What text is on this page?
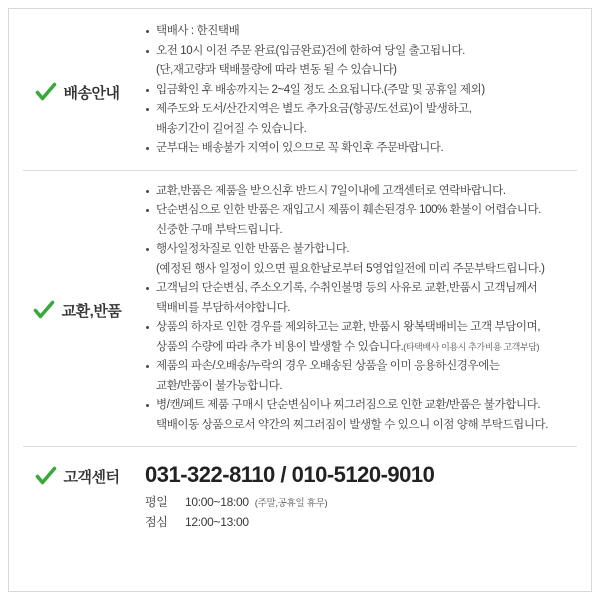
배송안내
택배사 : 한진택배
오전 10시 이전 주문 완료(입금완료)건에 한하여 당일 출고됩니다.
(단,재고량과 택배물량에 따라 변동 될 수 있습니다)
입금확인 후 배송까지는 2~4일 정도 소요됩니다.(주말 및 공휴일 제외)
제주도와 도서/산간지역은 별도 추가요금(항공/도선료)이 발생하고,
배송기간이 길어질 수 있습니다.
군부대는 배송불가 지역이 있으므로 꼭 확인후 주문바랍니다.
교환,반품
교환,반품은 제품을 받으신후 반드시 7일이내에 고객센터로 연락바랍니다.
단순변심으로 인한 반품은 재입고시 제품이 훼손된경우 100% 환불이 어렵습니다.
신중한 구매 부탁드립니다.
행사일정차질로 인한 반품은 불가합니다.
(예정된 행사 일정이 있으면 필요한날로부터 5영업일전에 미리 주문부탁드립니다.)
고객님의 단순변심, 주소오기록, 수취인불명 등의 사유로 교환,반품시 고객님께서
택배비를 부담하셔야합니다.
상품의 하자로 인한 경우를 제외하고는 교환, 반품시 왕복택배비는 고객 부담이며,
상품의 수량에 따라 추가 비용이 발생할 수 있습니다.(타택배사 이용시 추가비용 고객부담)
제품의 파손/오배송/누락의 경우 오배송된 상품을 이미 응용하신경우에는
교환/반품이 불가능합니다.
병/캔/페트 제품 구매시 단순변심이나 찌그러짐으로 인한 교환/반품은 불가합니다.
택배이동 상품으로서 약간의 찌그러짐이 발생할 수 있으니 이점 양해 부탁드립니다.
고객센터 031-322-8110 / 010-5120-9010
평일 10:00~18:00 (주말,공휴일 휴무)
점심 12:00~13:00
